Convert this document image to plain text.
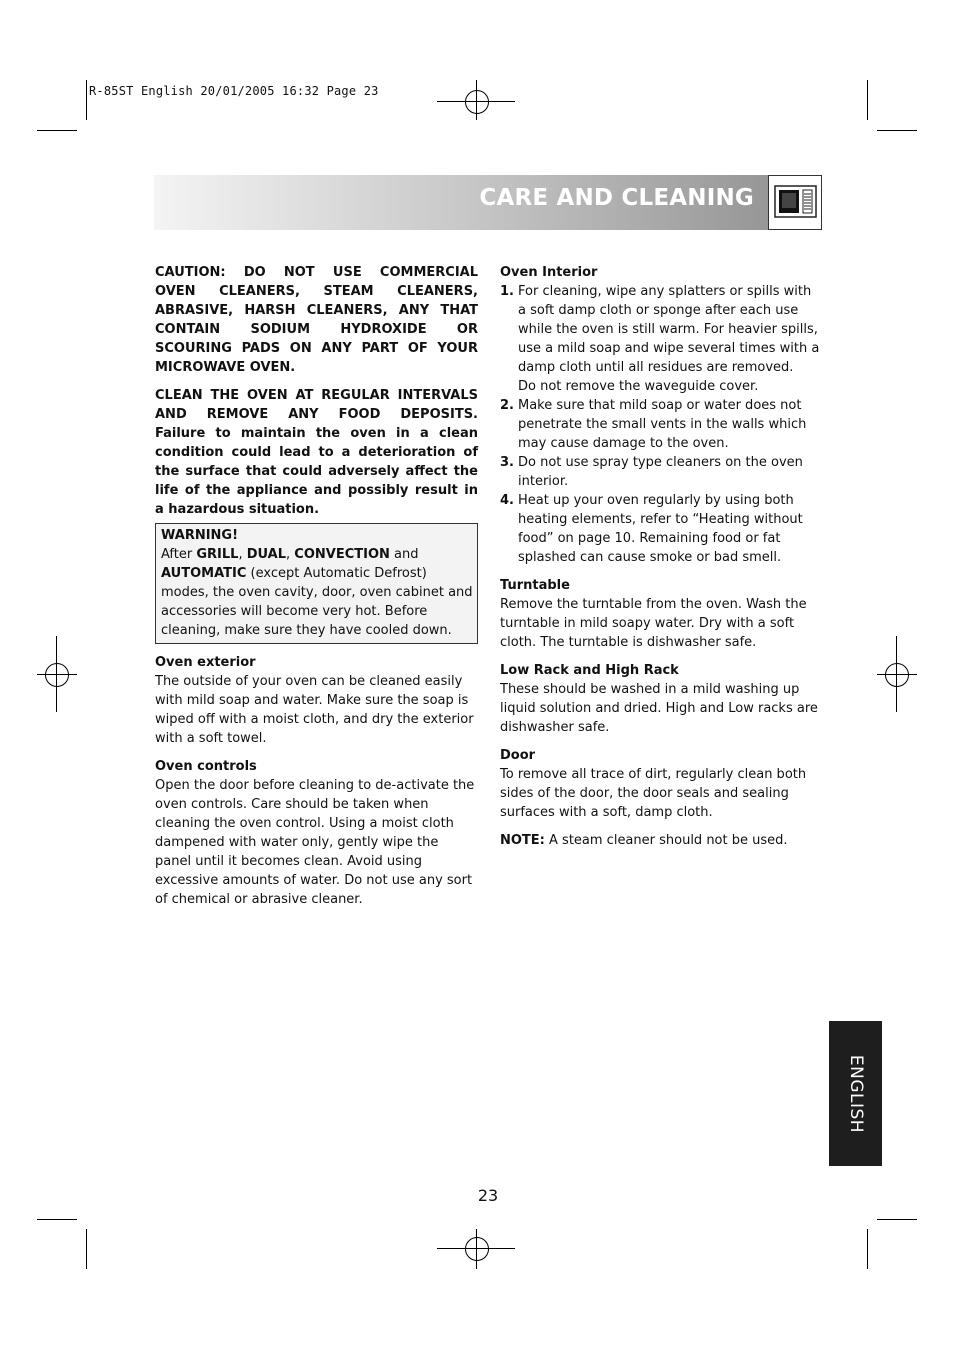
R-85ST English 20/01/2005 16:32 Page 23
CARE AND CLEANING
CAUTION: DO NOT USE COMMERCIAL
OVEN CLEANERS, STEAM CLEANERS,
ABRASIVE, HARSH CLEANERS, ANY THAT
CONTAIN SODIUM HYDROXIDE OR
SCOURING PADS ON ANY PART OF YOUR
MICROWAVE OVEN.
CLEAN THE OVEN AT REGULAR INTERVALS
AND REMOVE ANY FOOD DEPOSITS.
Failure to maintain the oven in a clean
condition could lead to a deterioration of
the surface that could adversely affect the
life of the appliance and possibly result in
a hazardous situation.

WARNING!

After GRILL, DUAL, CONVECTION and AUTOMATIC (except Automatic Defrost) modes, the oven cavity, door, oven cabinet and accessories will become very hot. Before cleaning, make sure they have cooled down.

Oven exterior

The outside of your oven can be cleaned easily with mild soap and water. Make sure the soap is wiped off with a moist cloth, and dry the exterior with a soft towel.

Oven controls

Open the door before cleaning to de-activate the oven controls. Care should be taken when cleaning the oven control. Using a moist cloth dampened with water only, gently wipe the panel until it becomes clean. Avoid using excessive amounts of water. Do not use any sort of chemical or abrasive cleaner.

Oven Interior

1. For cleaning, wipe any splatters or spills with a soft damp cloth or sponge after each use while the oven is still warm. For heavier spills, use a mild soap and wipe several times with a damp cloth until all residues are removed.
Do not remove the waveguide cover.
2. Make sure that mild soap or water does not penetrate the small vents in the walls which may cause damage to the oven.
3. Do not use spray type cleaners on the oven interior.
4. Heat up your oven regularly by using both heating elements, refer to “Heating without food” on page 10. Remaining food or fat splashed can cause smoke or bad smell.

Turntable

Remove the turntable from the oven. Wash the turntable in mild soapy water. Dry with a soft cloth. The turntable is dishwasher safe.

Low Rack and High Rack

These should be washed in a mild washing up liquid solution and dried. High and Low racks are dishwasher safe.

Door

To remove all trace of dirt, regularly clean both sides of the door, the door seals and sealing surfaces with a soft, damp cloth.

NOTE: A steam cleaner should not be used.

ENGLISH
23
